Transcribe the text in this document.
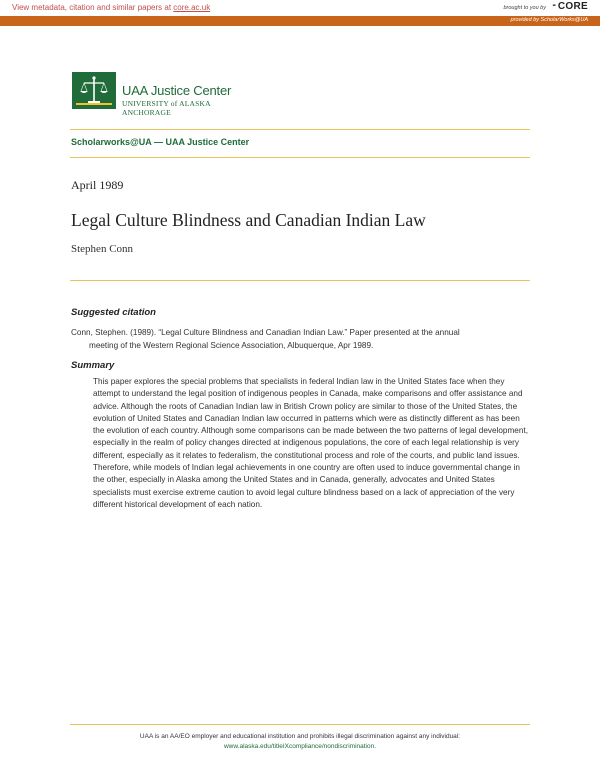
View metadata, citation and similar papers at core.ac.uk	brought to you by ✒CORE
provided by ScholarWorks@UA
UAA Justice Center
UNIVERSITY of ALASKA ANCHORAGE
Scholarworks@UA — UAA Justice Center
April 1989
Legal Culture Blindness and Canadian Indian Law
Stephen Conn
Suggested citation
Conn, Stephen. (1989). “Legal Culture Blindness and Canadian Indian Law.” Paper presented at the annual
meeting of the Western Regional Science Association, Albuquerque, Apr 1989.
Summary
This paper explores the special problems that specialists in federal Indian law in the United States face when they attempt to understand the legal position of indigenous peoples in Canada, make comparisons and offer assistance and advice. Although the roots of Canadian Indian law in British Crown policy are similar to those of the United States, the evolution of United States and Canadian Indian law occurred in patterns which were as distinctly different as has been the evolution of each country. Although some comparisons can be made between the two patterns of legal development, especially in the realm of policy changes directed at indigenous populations, the core of each legal relationship is very different, especially as it relates to federalism, the constitutional process and role of the courts, and public land issues. Therefore, while models of Indian legal achievements in one country are often used to induce governmental change in the other, especially in Alaska among the United States and in Canada, generally, advocates and United States specialists must exercise extreme caution to avoid legal culture blindness based on a lack of appreciation of the very different historical development of each nation.
UAA is an AA/EO employer and educational institution and prohibits illegal discrimination against any individual:
www.alaska.edu/titleIXcompliance/nondiscrimination.
